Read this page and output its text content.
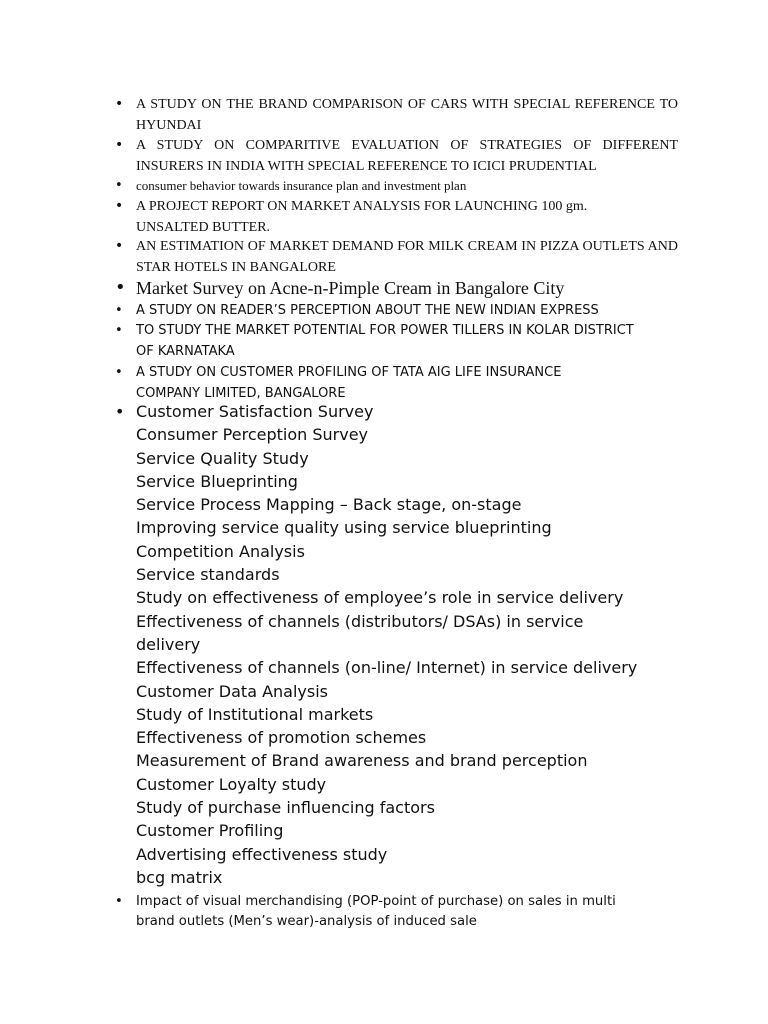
• A STUDY ON THE BRAND COMPARISON OF CARS WITH SPECIAL REFERENCE TO HYUNDAI
• A STUDY ON COMPARITIVE EVALUATION OF STRATEGIES OF DIFFERENT INSURERS IN INDIA WITH SPECIAL REFERENCE TO ICICI PRUDENTIAL
• consumer behavior towards insurance plan and investment plan
• A PROJECT REPORT ON MARKET ANALYSIS FOR LAUNCHING 100 gm. UNSALTED BUTTER.
• AN ESTIMATION OF MARKET DEMAND FOR MILK CREAM IN PIZZA OUTLETS AND STAR HOTELS IN BANGALORE
• Market Survey on Acne-n-Pimple Cream in Bangalore City
• A STUDY ON READER’S PERCEPTION ABOUT THE NEW INDIAN EXPRESS
• TO STUDY THE MARKET POTENTIAL FOR POWER TILLERS IN KOLAR DISTRICT OF KARNATAKA
• A STUDY ON CUSTOMER PROFILING OF TATA AIG LIFE INSURANCE COMPANY LIMITED, BANGALORE
• Customer Satisfaction Survey
Consumer Perception Survey
Service Quality Study
Service Blueprinting
Service Process Mapping – Back stage, on-stage
Improving service quality using service blueprinting
Competition Analysis
Service standards
Study on effectiveness of employee’s role in service delivery
Effectiveness of channels (distributors/ DSAs) in service delivery
Effectiveness of channels (on-line/ Internet) in service delivery
Customer Data Analysis
Study of Institutional markets
Effectiveness of promotion schemes
Measurement of Brand awareness and brand perception
Customer Loyalty study
Study of purchase influencing factors
Customer Profiling
Advertising effectiveness study
bcg matrix
• Impact of visual merchandising (POP-point of purchase) on sales in multi brand outlets (Men’s wear)-analysis of induced sale
